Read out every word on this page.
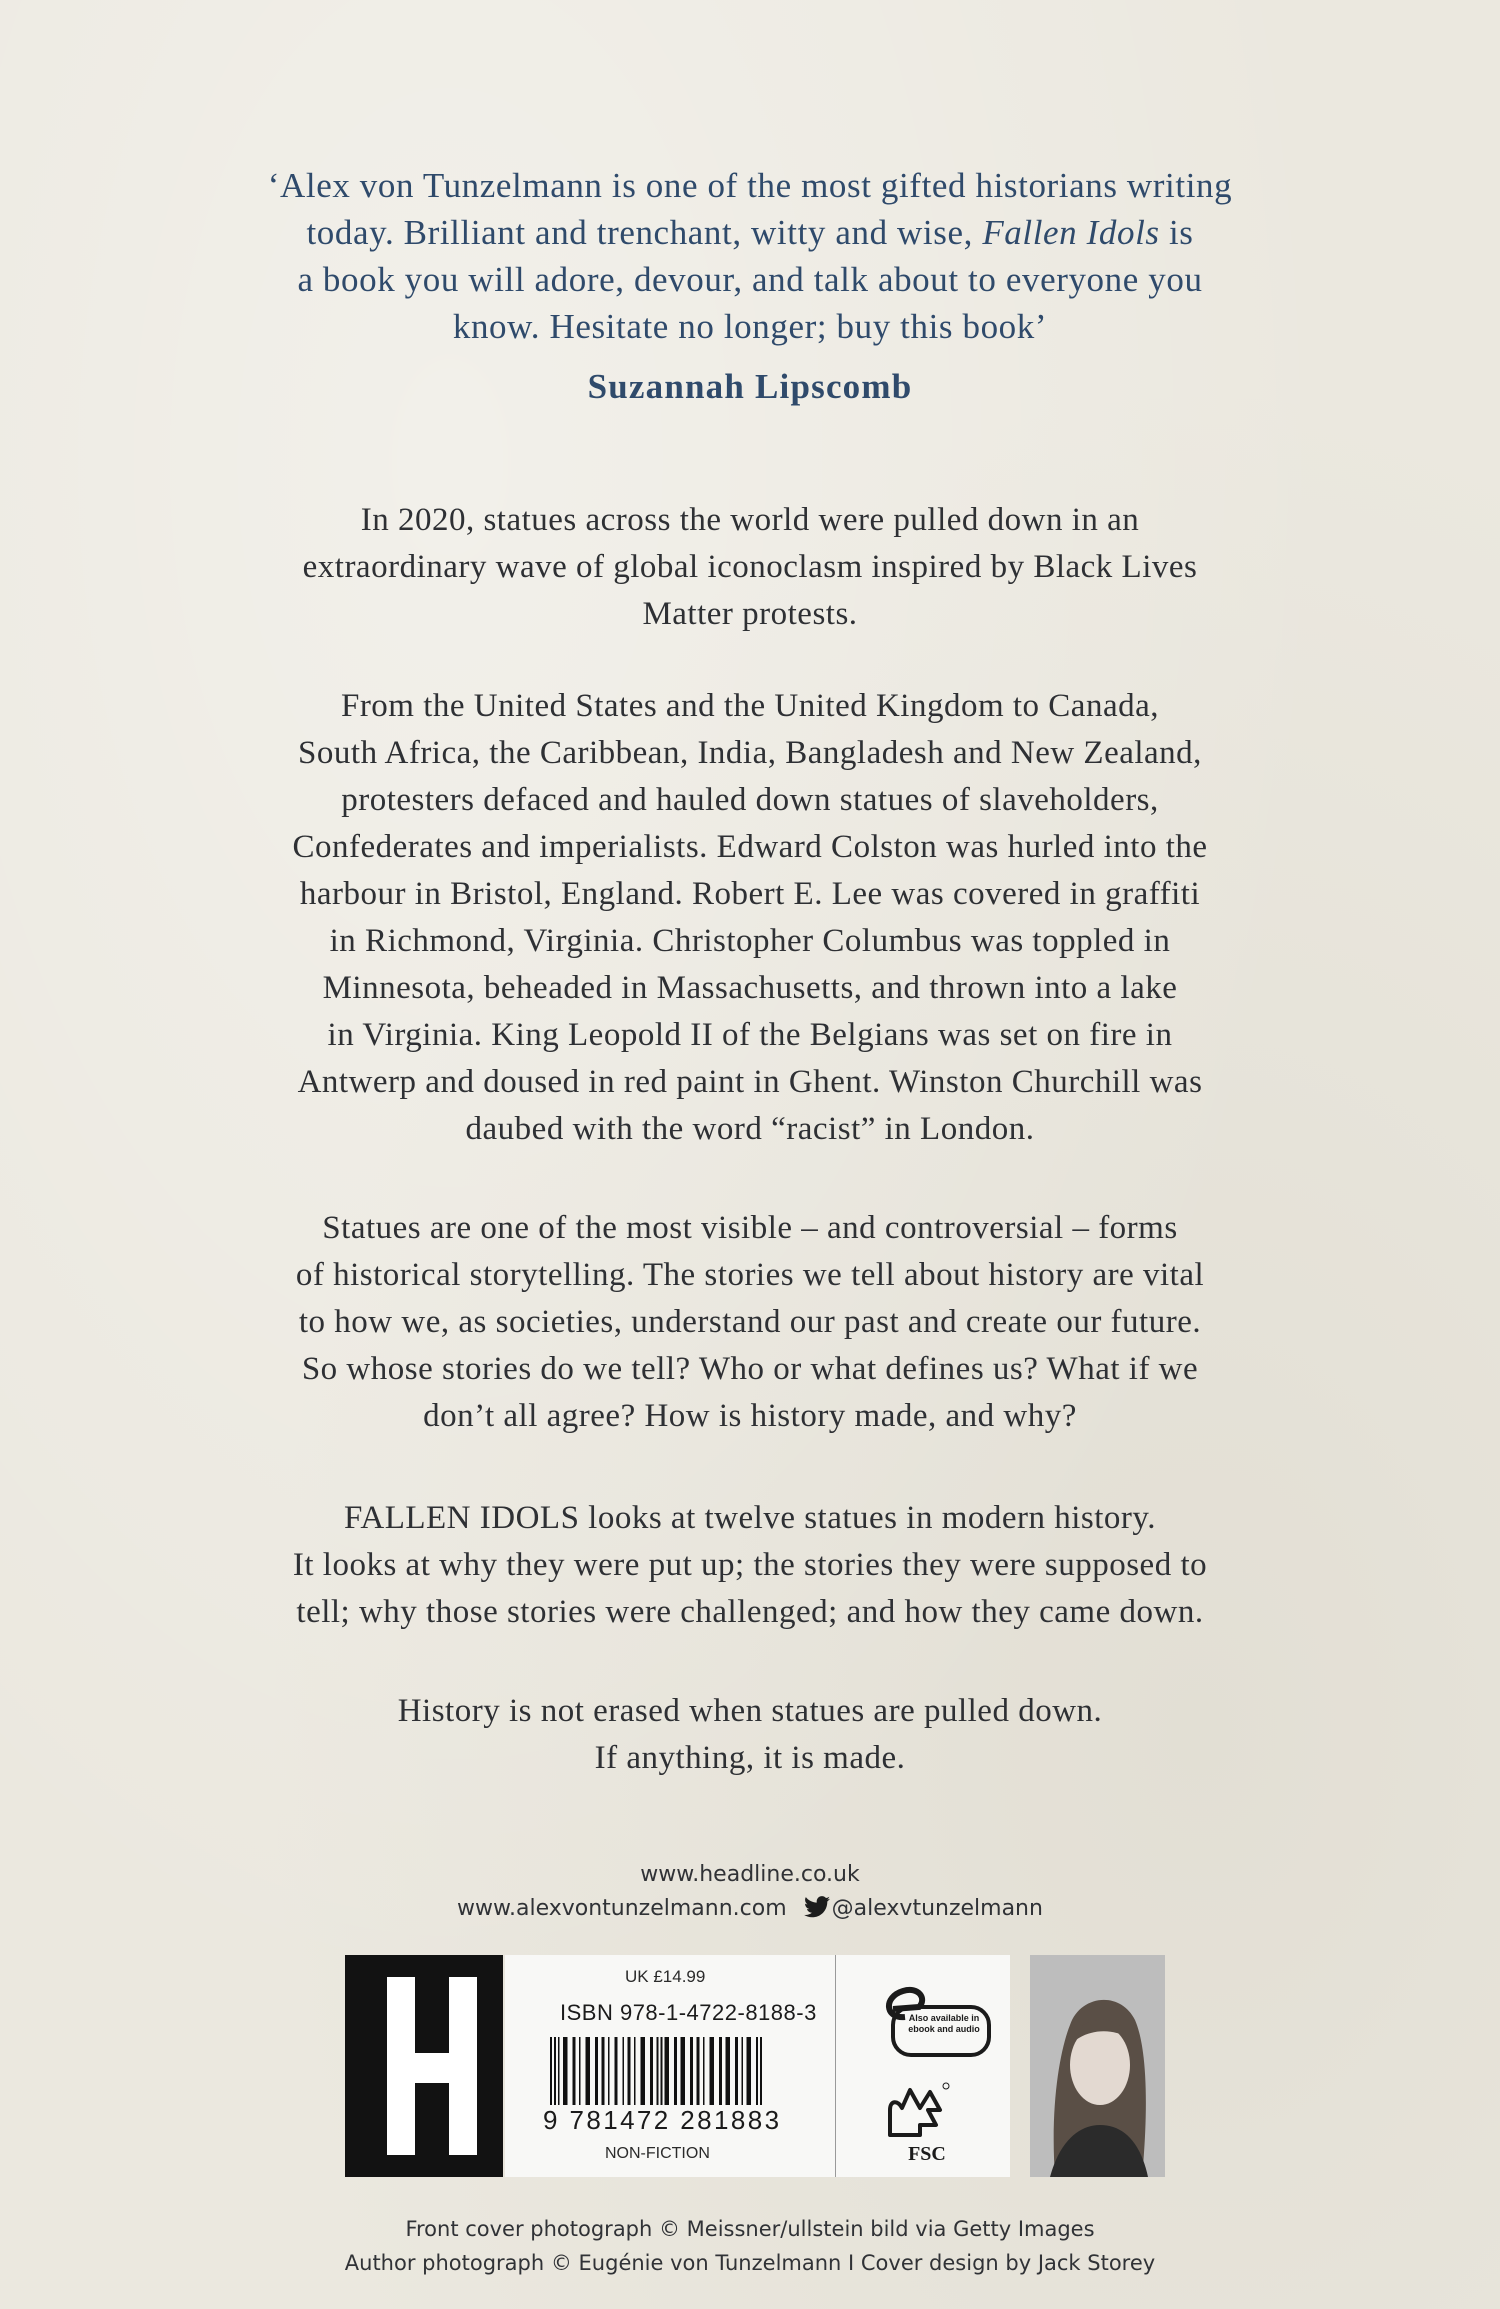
‘Alex von Tunzelmann is one of the most gifted historians writing
today. Brilliant and trenchant, witty and wise, Fallen Idols is
a book you will adore, devour, and talk about to everyone you
know. Hesitate no longer; buy this book’
Suzannah Lipscomb
In 2020, statues across the world were pulled down in an
extraordinary wave of global iconoclasm inspired by Black Lives
Matter protests.
From the United States and the United Kingdom to Canada,
South Africa, the Caribbean, India, Bangladesh and New Zealand,
protesters defaced and hauled down statues of slaveholders,
Confederates and imperialists. Edward Colston was hurled into the
harbour in Bristol, England. Robert E. Lee was covered in graffiti
in Richmond, Virginia. Christopher Columbus was toppled in
Minnesota, beheaded in Massachusetts, and thrown into a lake
in Virginia. King Leopold II of the Belgians was set on fire in
Antwerp and doused in red paint in Ghent. Winston Churchill was
daubed with the word “racist” in London.
Statues are one of the most visible – and controversial – forms
of historical storytelling. The stories we tell about history are vital
to how we, as societies, understand our past and create our future.
So whose stories do we tell? Who or what defines us? What if we
don’t all agree? How is history made, and why?
FALLEN IDOLS looks at twelve statues in modern history.
It looks at why they were put up; the stories they were supposed to
tell; why those stories were challenged; and how they came down.
History is not erased when statues are pulled down.
If anything, it is made.
www.headline.co.uk
www.alexvontunzelmann.com @alexvtunzelmann
UK £14.99
ISBN 978-1-4722-8188-3
9 781472 281883
NON-FICTION
Also available in ebook and audio
FSC
Front cover photograph © Meissner/ullstein bild via Getty Images
Author photograph © Eugénie von Tunzelmann I Cover design by Jack Storey
